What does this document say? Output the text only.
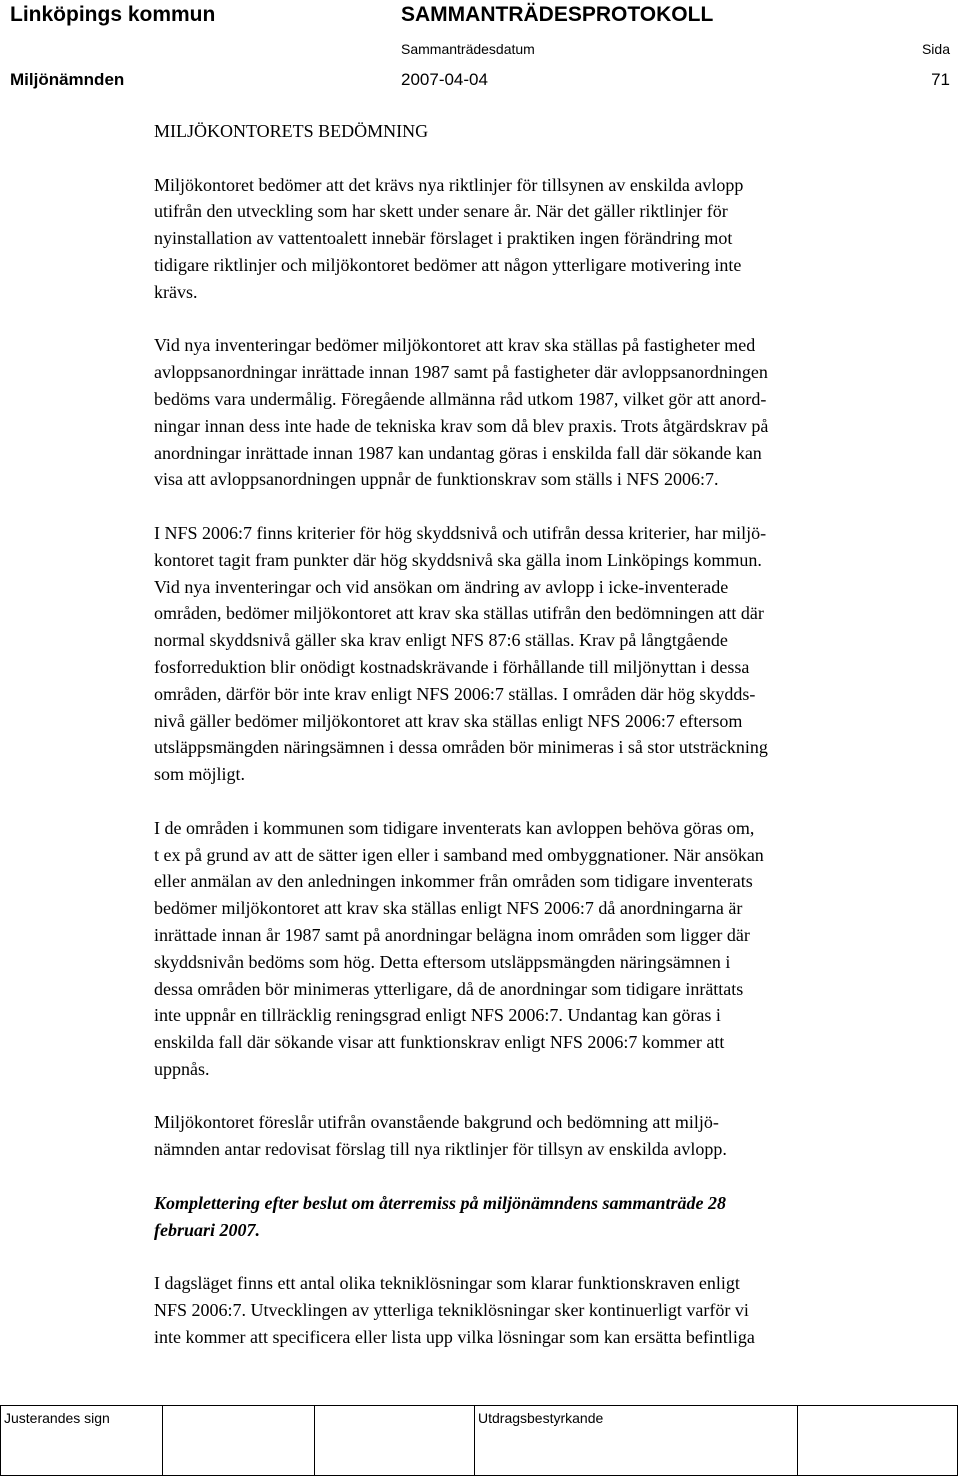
Linköpings kommun	SAMMANTRÄDESPROTOKOLL
Sammanträdesdatum	Sida
Miljönämnden	2007-04-04	71
MILJÖKONTORETS BEDÖMNING

Miljökontoret bedömer att det krävs nya riktlinjer för tillsynen av enskilda avlopp
utifrån den utveckling som har skett under senare år. När det gäller riktlinjer för
nyinstallation av vattentoalett innebär förslaget i praktiken ingen förändring mot
tidigare riktlinjer och miljökontoret bedömer att någon ytterligare motivering inte
krävs.

Vid nya inventeringar bedömer miljökontoret att krav ska ställas på fastigheter med
avloppsanordningar inrättade innan 1987 samt på fastigheter där avloppsanordningen
bedöms vara undermålig. Föregående allmänna råd utkom 1987, vilket gör att anord-
ningar innan dess inte hade de tekniska krav som då blev praxis. Trots åtgärdskrav på
anordningar inrättade innan 1987 kan undantag göras i enskilda fall där sökande kan
visa att avloppsanordningen uppnår de funktionskrav som ställs i NFS 2006:7.

I NFS 2006:7 finns kriterier för hög skyddsnivå och utifrån dessa kriterier, har miljö-
kontoret tagit fram punkter där hög skyddsnivå ska gälla inom Linköpings kommun.
Vid nya inventeringar och vid ansökan om ändring av avlopp i icke-inventerade
områden, bedömer miljökontoret att krav ska ställas utifrån den bedömningen att där
normal skyddsnivå gäller ska krav enligt NFS 87:6 ställas. Krav på långtgående
fosforreduktion blir onödigt kostnadskrävande i förhållande till miljönyttan i dessa
områden, därför bör inte krav enligt NFS 2006:7 ställas. I områden där hög skydds-
nivå gäller bedömer miljökontoret att krav ska ställas enligt NFS 2006:7 eftersom
utsläppsmängden näringsämnen i dessa områden bör minimeras i så stor utsträckning
som möjligt.

I de områden i kommunen som tidigare inventerats kan avloppen behöva göras om,
t ex på grund av att de sätter igen eller i samband med ombyggnationer. När ansökan
eller anmälan av den anledningen inkommer från områden som tidigare inventerats
bedömer miljökontoret att krav ska ställas enligt NFS 2006:7 då anordningarna är
inrättade innan år 1987 samt på anordningar belägna inom områden som ligger där
skyddsnivån bedöms som hög. Detta eftersom utsläppsmängden näringsämnen i
dessa områden bör minimeras ytterligare, då de anordningar som tidigare inrättats
inte uppnår en tillräcklig reningsgrad enligt NFS 2006:7. Undantag kan göras i
enskilda fall där sökande visar att funktionskrav enligt NFS 2006:7 kommer att
uppnås.

Miljökontoret föreslår utifrån ovanstående bakgrund och bedömning att miljö-
nämnden antar redovisat förslag till nya riktlinjer för tillsyn av enskilda avlopp.

Komplettering efter beslut om återremiss på miljönämndens sammanträde 28
februari 2007.

I dagsläget finns ett antal olika tekniklösningar som klarar funktionskraven enligt
NFS 2006:7. Utvecklingen av ytterliga tekniklösningar sker kontinuerligt varför vi
inte kommer att specificera eller lista upp vilka lösningar som kan ersätta befintliga

Justerandes sign			Utdragsbestyrkande	
